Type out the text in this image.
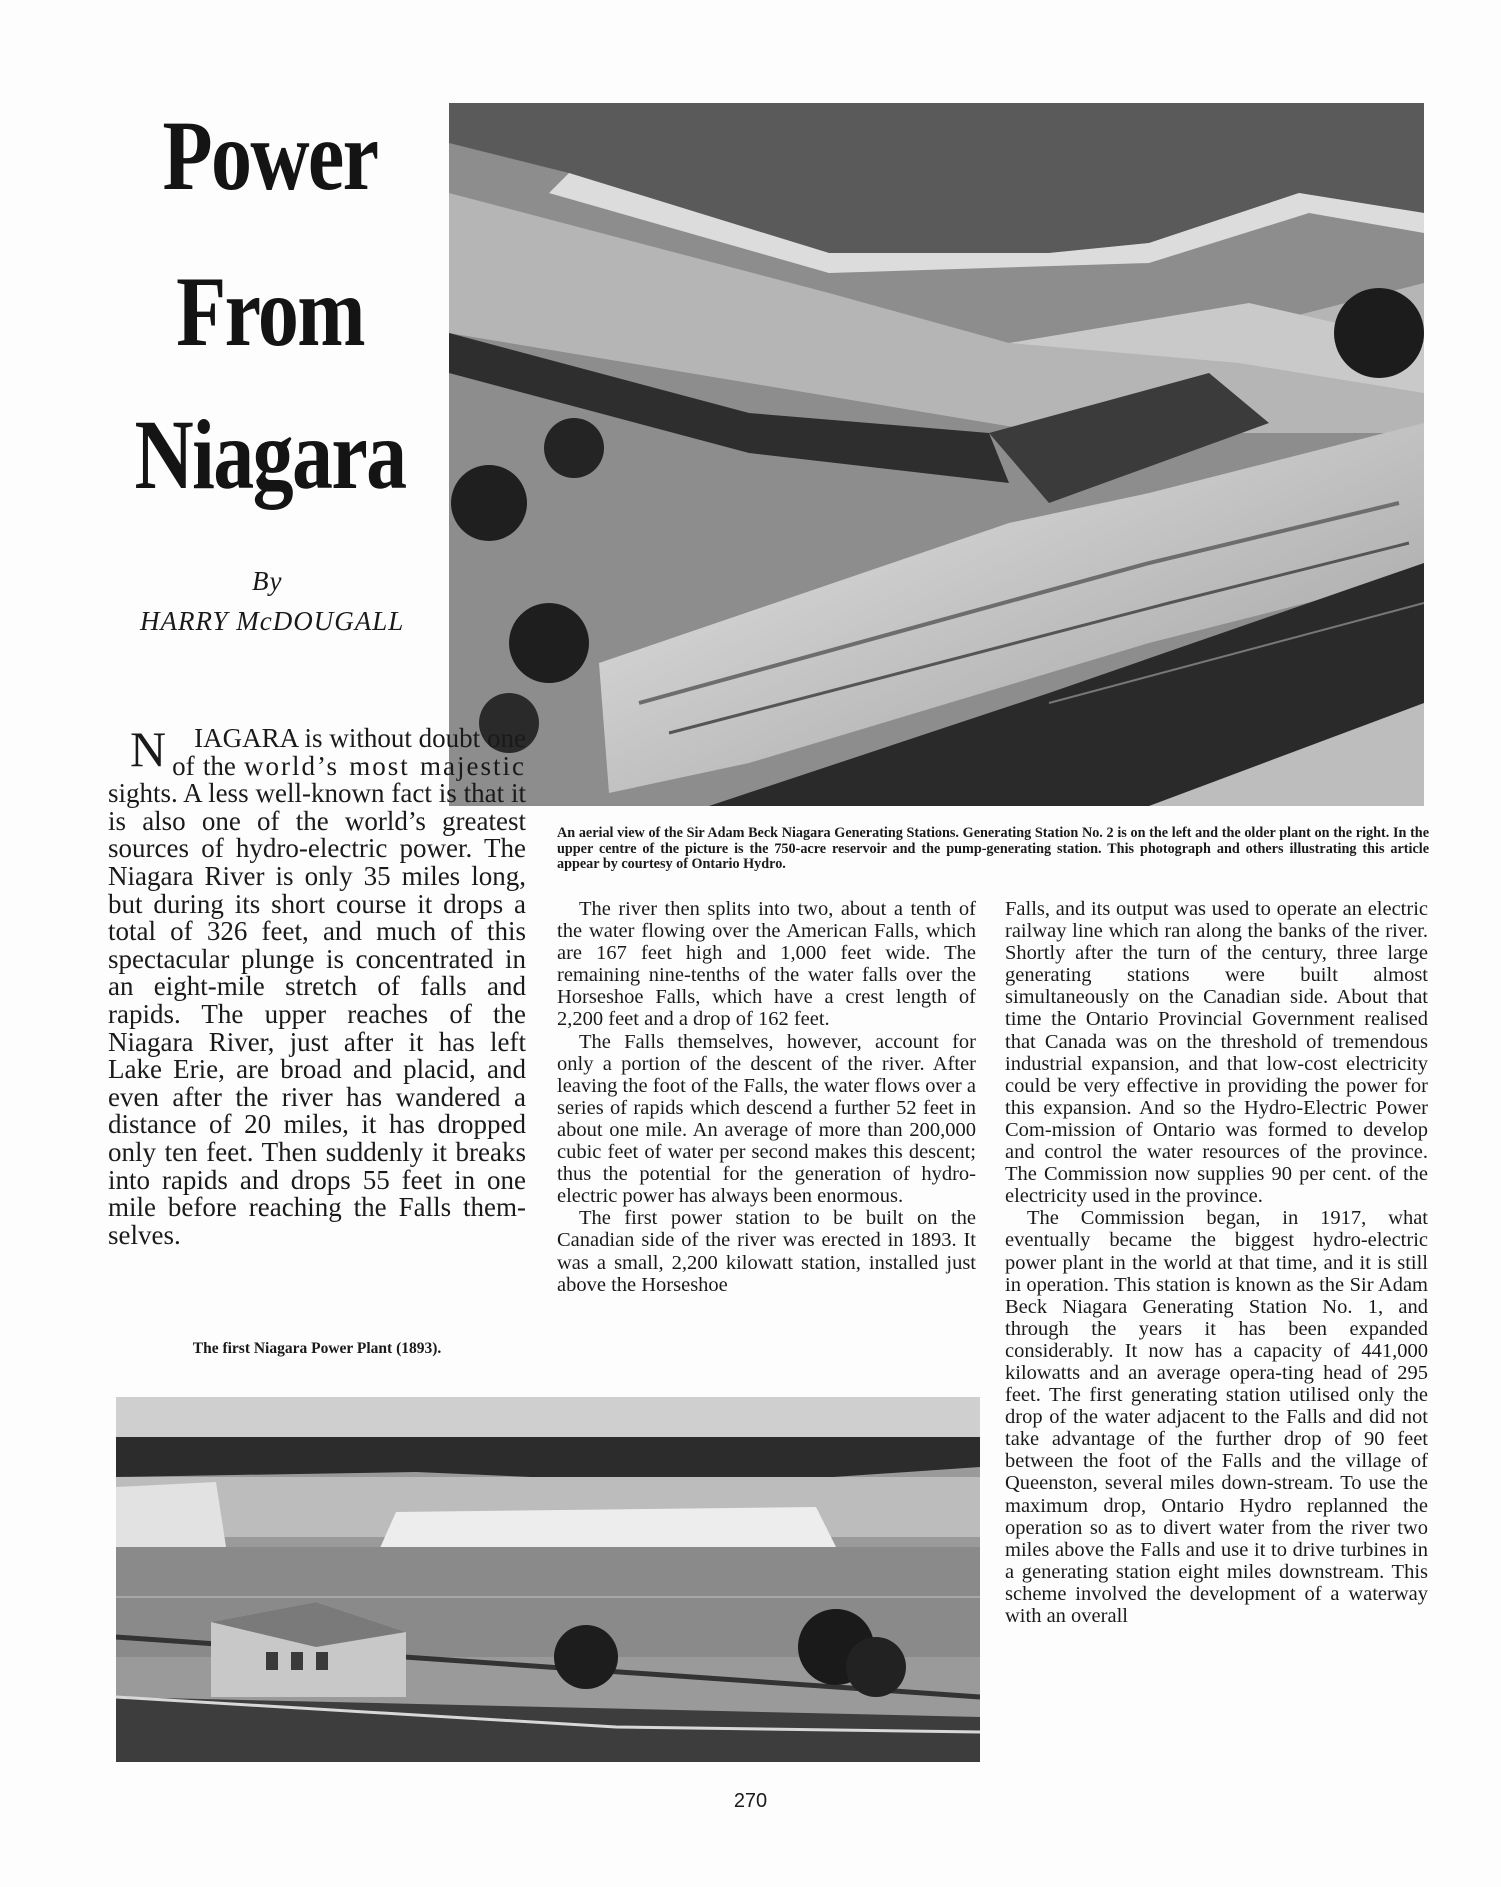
Power
From
Niagara
By
HARRY McDOUGALL

N IAGARA is without doubt one of the world’s most majestic sights. A less well-known fact is that it is also one of the world’s greatest sources of hydro-electric power. The Niagara River is only 35 miles long, but during its short course it drops a total of 326 feet, and much of this spectacular plunge is concentrated in an eight-mile stretch of falls and rapids. The upper reaches of the Niagara River, just after it has left Lake Erie, are broad and placid, and even after the river has wandered a distance of 20 miles, it has dropped only ten feet. Then suddenly it breaks into rapids and drops 55 feet in one mile before reaching the Falls them-selves.

An aerial view of the Sir Adam Beck Niagara Generating Stations. Generating Station No. 2 is on the left and the older plant on the right. In the upper centre of the picture is the 750-acre reservoir and the pump-generating station. This photograph and others illustrating this article appear by courtesy of Ontario Hydro.

The river then splits into two, about a tenth of the water flowing over the American Falls, which are 167 feet high and 1,000 feet wide. The remaining nine-tenths of the water falls over the Horseshoe Falls, which have a crest length of 2,200 feet and a drop of 162 feet.

The Falls themselves, however, account for only a portion of the descent of the river. After leaving the foot of the Falls, the water flows over a series of rapids which descend a further 52 feet in about one mile. An average of more than 200,000 cubic feet of water per second makes this descent; thus the potential for the generation of hydro-electric power has always been enormous.

The first power station to be built on the Canadian side of the river was erected in 1893. It was a small, 2,200 kilowatt station, installed just above the Horseshoe

Falls, and its output was used to operate an electric railway line which ran along the banks of the river. Shortly after the turn of the century, three large generating stations were built almost simultaneously on the Canadian side. About that time the Ontario Provincial Government realised that Canada was on the threshold of tremendous industrial expansion, and that low-cost electricity could be very effective in providing the power for this expansion. And so the Hydro-Electric Power Com-mission of Ontario was formed to develop and control the water resources of the province. The Commission now supplies 90 per cent. of the electricity used in the province.

The Commission began, in 1917, what eventually became the biggest hydro-electric power plant in the world at that time, and it is still in operation. This station is known as the Sir Adam Beck Niagara Generating Station No. 1, and through the years it has been expanded considerably. It now has a capacity of 441,000 kilowatts and an average opera-ting head of 295 feet. The first generating station utilised only the drop of the water adjacent to the Falls and did not take advantage of the further drop of 90 feet between the foot of the Falls and the village of Queenston, several miles down-stream. To use the maximum drop, Ontario Hydro replanned the operation so as to divert water from the river two miles above the Falls and use it to drive turbines in a generating station eight miles downstream. This scheme involved the development of a waterway with an overall

The first Niagara Power Plant (1893).
270
